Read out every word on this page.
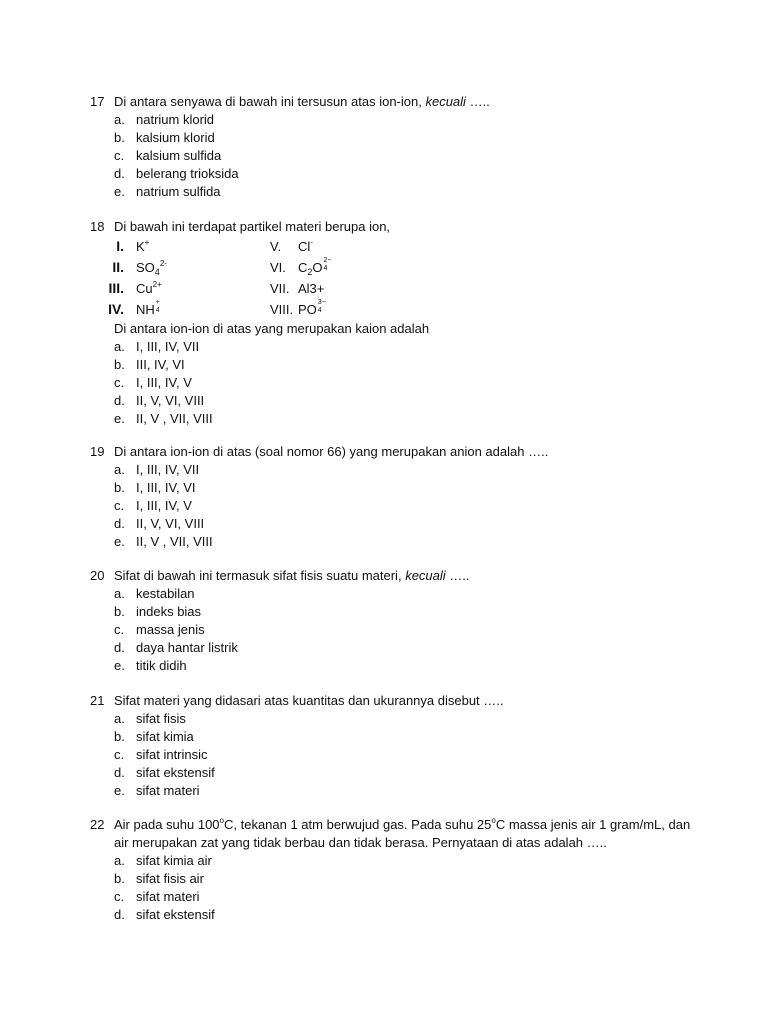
17 Di antara senyawa di bawah ini tersusun atas ion-ion, kecuali …..
a. natrium klorid
b. kalsium klorid
c. kalsium sulfida
d. belerang trioksida
e. natrium sulfida
18 Di bawah ini terdapat partikel materi berupa ion,
I. K+	V. Cl-
II. $SO_4^{2-}$	VI. $C_2O$ 2−
4
III. $Cu^{2+}$	VII. Al3+
IV. NH +
4	VIII. PO 3−
4
Di antara ion-ion di atas yang merupakan kaion adalah
a. I, III, IV, VII
b. III, IV, VI
c. I, III, IV, V
d. II, V, VI, VIII
e. II, V , VII, VIII
19 Di antara ion-ion di atas (soal nomor 66) yang merupakan anion adalah …..
a. I, III, IV, VII
b. I, III, IV, VI
c. I, III, IV, V
d. II, V, VI, VIII
e. II, V , VII, VIII
20 Sifat di bawah ini termasuk sifat fisis suatu materi, kecuali …..
a. kestabilan
b. indeks bias
c. massa jenis
d. daya hantar listrik
e. titik didih
21 Sifat materi yang didasari atas kuantitas dan ukurannya disebut …..
a. sifat fisis
b. sifat kimia
c. sifat intrinsic
d. sifat ekstensif
e. sifat materi
22 Air pada suhu 100$^o$C, tekanan 1 atm berwujud gas. Pada suhu 25$^o$C massa jenis air 1 gram/mL, dan
air merupakan zat yang tidak berbau dan tidak berasa. Pernyataan di atas adalah …..
a. sifat kimia air
b. sifat fisis air
c. sifat materi
d. sifat ekstensif
